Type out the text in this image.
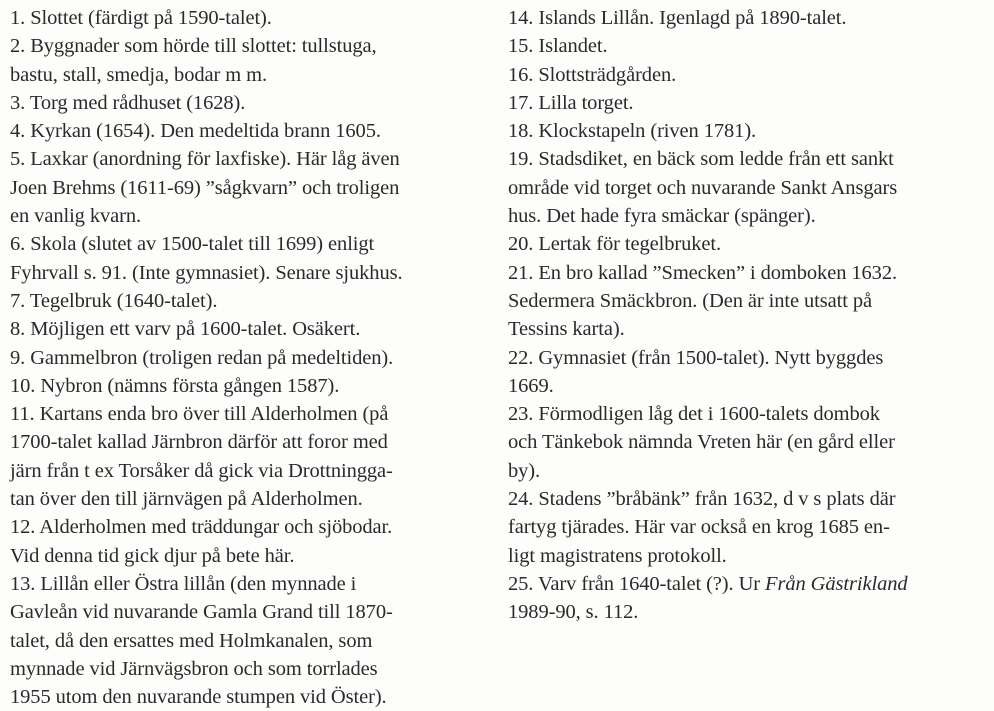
1. Slottet (färdigt på 1590-talet).
2. Byggnader som hörde till slottet: tullstuga,
bastu, stall, smedja, bodar m m.
3. Torg med rådhuset (1628).
4. Kyrkan (1654). Den medeltida brann 1605.
5. Laxkar (anordning för laxfiske). Här låg även
Joen Brehms (1611-69) ”sågkvarn” och troligen
en vanlig kvarn.
6. Skola (slutet av 1500-talet till 1699) enligt
Fyhrvall s. 91. (Inte gymnasiet). Senare sjukhus.
7. Tegelbruk (1640-talet).
8. Möjligen ett varv på 1600-talet. Osäkert.
9. Gammelbron (troligen redan på medeltiden).
10. Nybron (nämns första gången 1587).
11. Kartans enda bro över till Alderholmen (på
1700-talet kallad Järnbron därför att foror med
järn från t ex Torsåker då gick via Drottningga-
tan över den till järnvägen på Alderholmen.
12. Alderholmen med träddungar och sjöbodar.
Vid denna tid gick djur på bete här.
13. Lillån eller Östra lillån (den mynnade i
Gavleån vid nuvarande Gamla Grand till 1870-
talet, då den ersattes med Holmkanalen, som
mynnade vid Järnvägsbron och som torrlades
1955 utom den nuvarande stumpen vid Öster).
14. Islands Lillån. Igenlagd på 1890-talet.
15. Islandet.
16. Slottsträdgården.
17. Lilla torget.
18. Klockstapeln (riven 1781).
19. Stadsdiket, en bäck som ledde från ett sankt
område vid torget och nuvarande Sankt Ansgars
hus. Det hade fyra smäckar (spänger).
20. Lertak för tegelbruket.
21. En bro kallad ”Smecken” i domboken 1632.
Sedermera Smäckbron. (Den är inte utsatt på
Tessins karta).
22. Gymnasiet (från 1500-talet). Nytt byggdes
1669.
23. Förmodligen låg det i 1600-talets dombok
och Tänkebok nämnda Vreten här (en gård eller
by).
24. Stadens ”bråbänk” från 1632, d v s plats där
fartyg tjärades. Här var också en krog 1685 en-
ligt magistratens protokoll.
25. Varv från 1640-talet (?). Ur Från Gästrikland
1989-90, s. 112.
